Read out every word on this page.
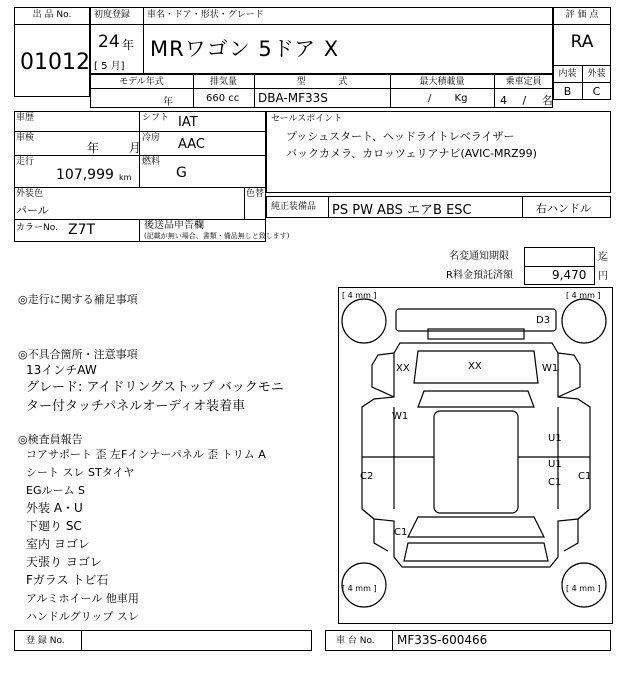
出 品 No.
01012
初度登録 車名・ドア・形状・グレード
24 年
[ 5 月]
MRワゴン 5ドア X
評 価 点
RA
内装	外装
B	C
モデル年式	排気量	型 式	最大積載量	乗車定員
年	660 cc DBA-MF33S	/ Kg	4 / 名
車歴	シフト IAT
車検
年 月
冷房 AAC
走行
107,999 km
燃料
G
外装色
パール
色替
カラーNo. Z7T	後送品申告欄
(記載が無い場合、書類・備品無しと致します)
セールスポイント
プッシュスタート、ヘッドライトレベライザー
バックカメラ、カロッツェリアナビ(AVIC-MRZ99)
純正装備品 PS PW ABS エアB ESC	右ハンドル
名変通知期限	迄
R料金預託済額	9,470 円
◎走行に関する補足事項
◎不具合箇所・注意事項
13インチAW
グレード: アイドリングストップ バックモニ
ター付タッチパネルオーディオ装着車
◎検査員報告
コアサポート 歪 左Fインナーパネル 歪 トリム A
シート スレ STタイヤ
EGルーム S
外装 A・U
下廻り SC
室内 ヨゴレ
天張り ヨゴレ
Fガラス トビ石
アルミホイール 他車用
ハンドルグリップ スレ
[ 4 mm ]	[ 4 mm ]
[ 4 mm ]	[ 4 mm ]
D3
XX	XX	W1
W1
U1
U1
C1
C2	C1
C1
登 録 No.	車 台 No. MF33S-600466
